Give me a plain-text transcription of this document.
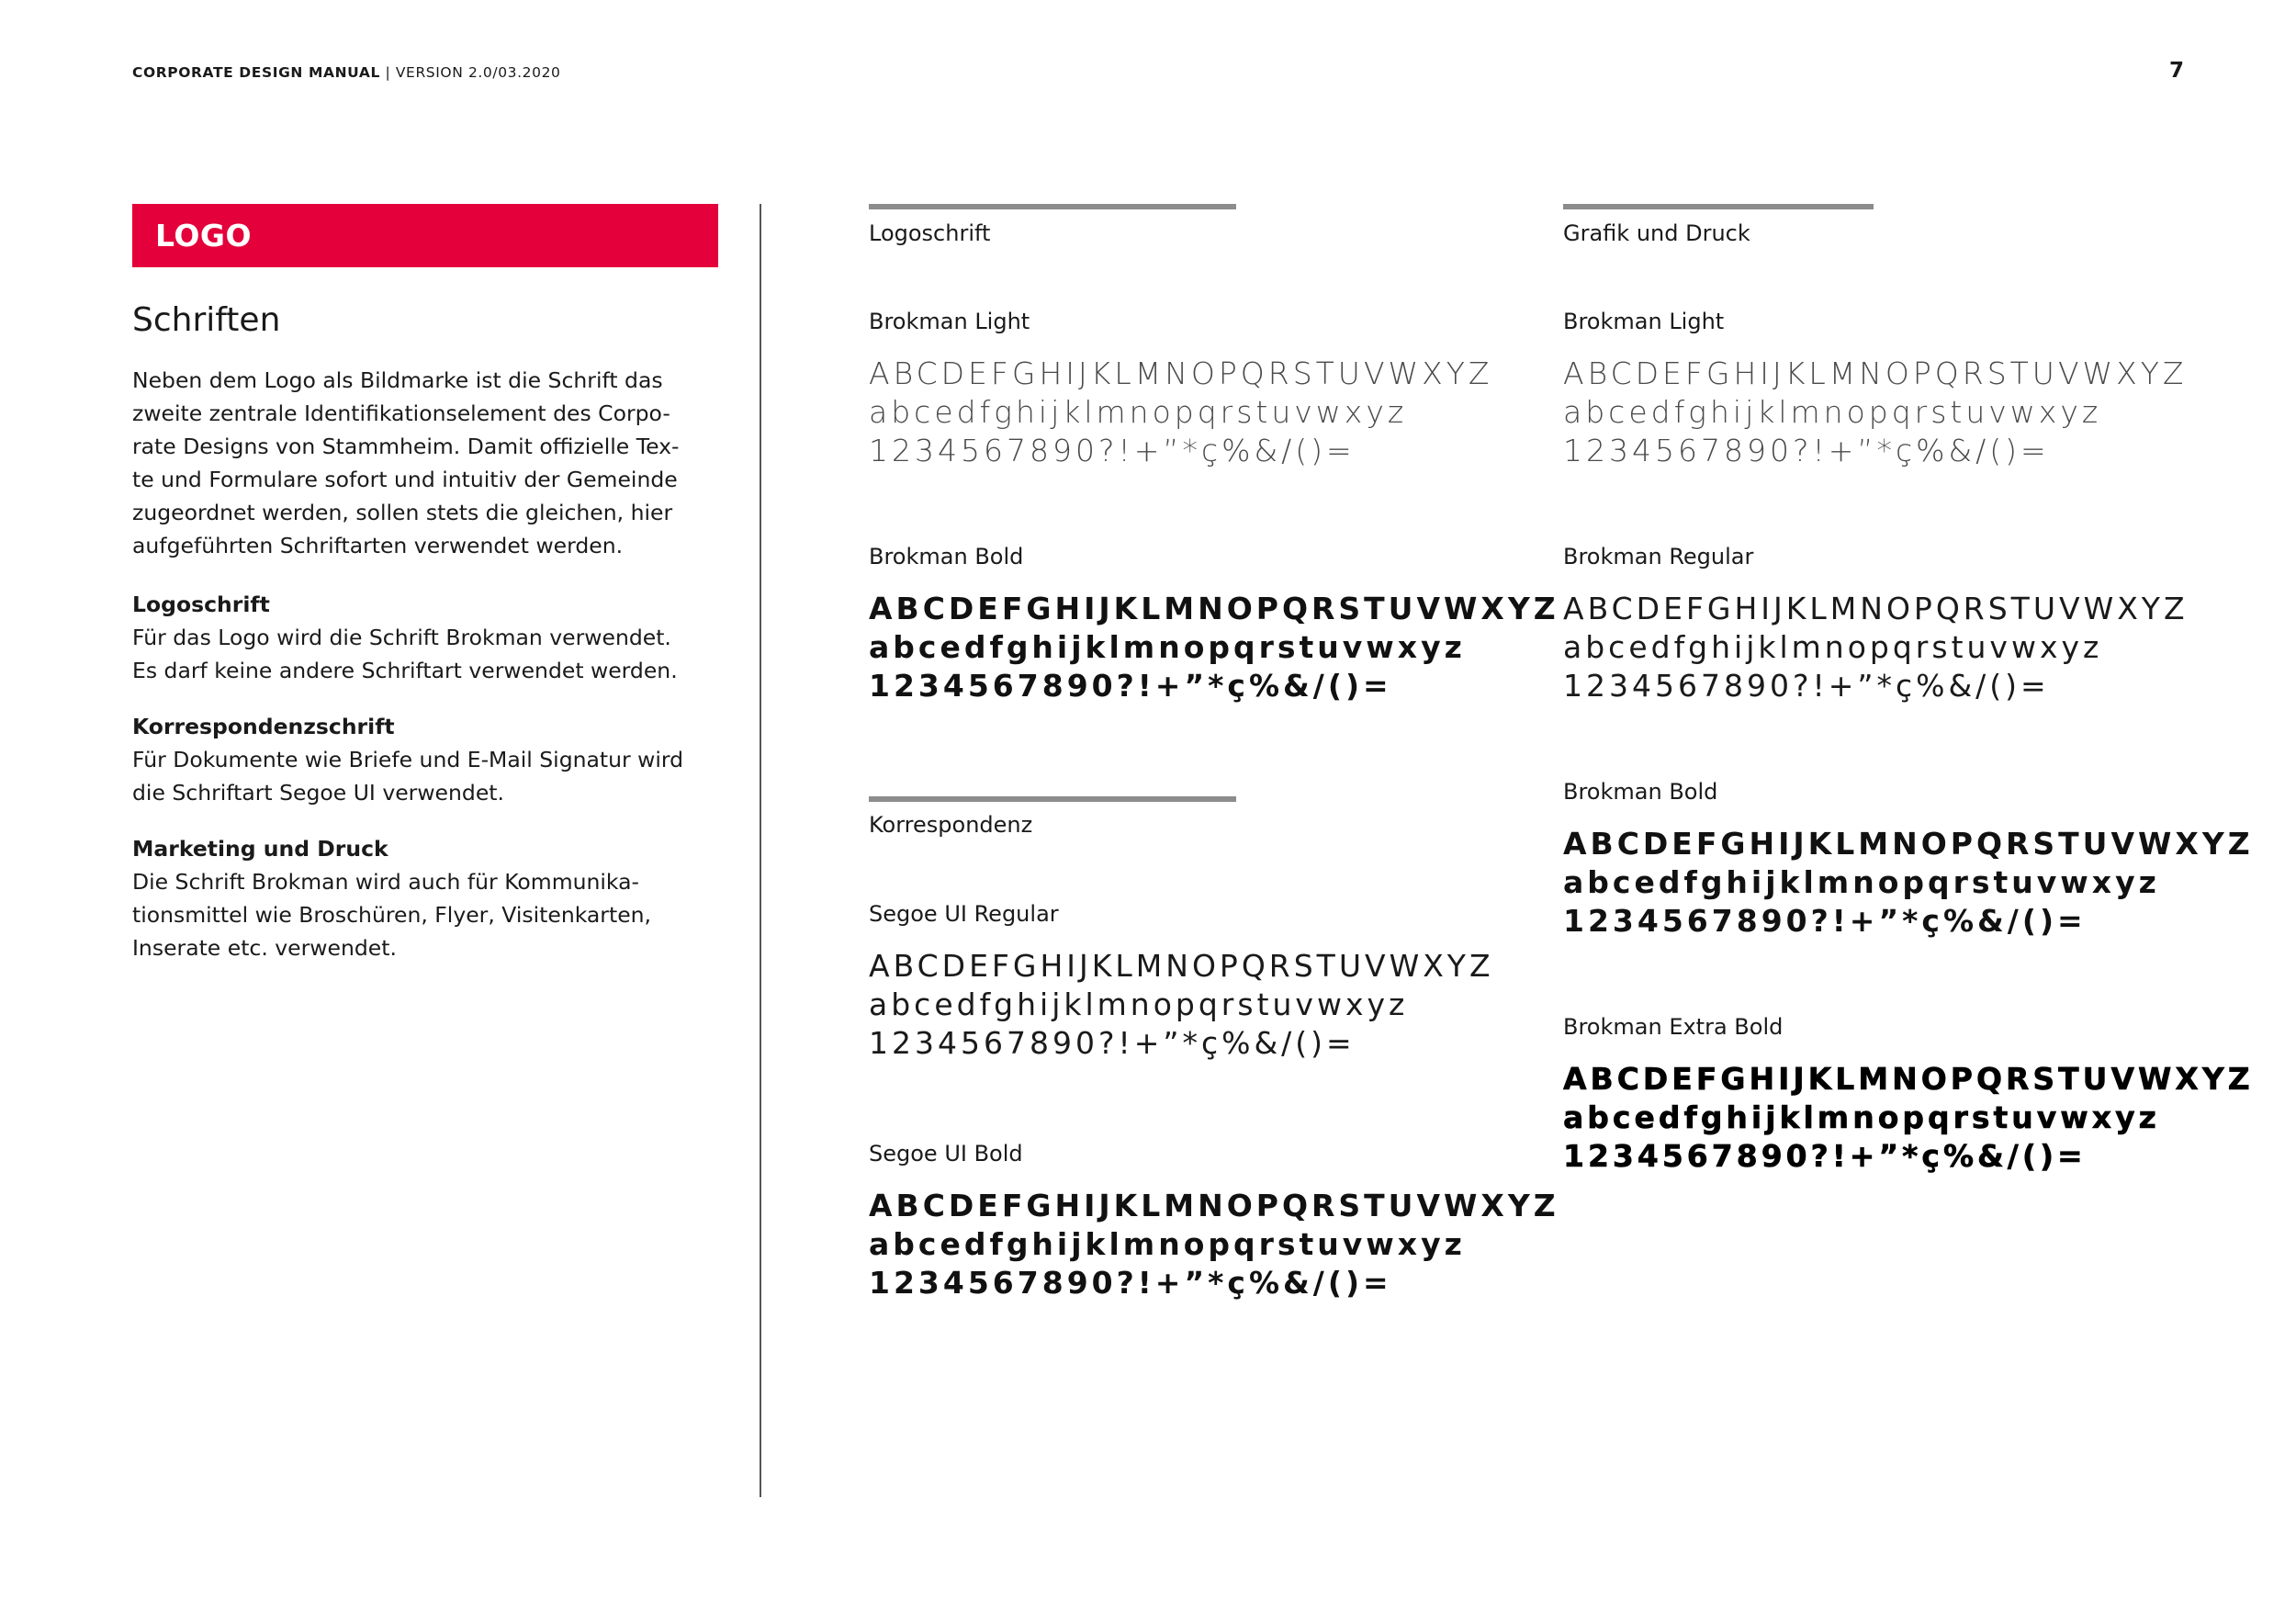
CORPORATE DESIGN MANUAL | VERSION 2.0/03.2020	7
LOGO
Schriften
Neben dem Logo als Bildmarke ist die Schrift das
zweite zentrale Identifikationselement des Corpo-
rate Designs von Stammheim. Damit offizielle Tex-
te und Formulare sofort und intuitiv der Gemeinde
zugeordnet werden, sollen stets die gleichen, hier
aufgeführten Schriftarten verwendet werden.
Logoschrift
Für das Logo wird die Schrift Brokman verwendet.
Es darf keine andere Schriftart verwendet werden.
Korrespondenzschrift
Für Dokumente wie Briefe und E-Mail Signatur wird
die Schriftart Segoe UI verwendet.
Marketing und Druck
Die Schrift Brokman wird auch für Kommunika-
tionsmittel wie Broschüren, Flyer, Visitenkarten,
Inserate etc. verwendet.
Logoschrift
Brokman Light
ABCDEFGHIJKLMNOPQRSTUVWXYZ
abcedfghijklmnopqrstuvwxyz
1234567890?!+”*ç%&/()=
Brokman Bold
ABCDEFGHIJKLMNOPQRSTUVWXYZ
abcedfghijklmnopqrstuvwxyz
1234567890?!+”*ç%&/()=
Korrespondenz
Segoe UI Regular
ABCDEFGHIJKLMNOPQRSTUVWXYZ
abcedfghijklmnopqrstuvwxyz
1234567890?!+”*ç%&/()=
Segoe UI Bold
ABCDEFGHIJKLMNOPQRSTUVWXYZ
abcedfghijklmnopqrstuvwxyz
1234567890?!+”*ç%&/()=
Grafik und Druck
Brokman Light
ABCDEFGHIJKLMNOPQRSTUVWXYZ
abcedfghijklmnopqrstuvwxyz
1234567890?!+”*ç%&/()=
Brokman Regular
ABCDEFGHIJKLMNOPQRSTUVWXYZ
abcedfghijklmnopqrstuvwxyz
1234567890?!+”*ç%&/()=
Brokman Bold
ABCDEFGHIJKLMNOPQRSTUVWXYZ
abcedfghijklmnopqrstuvwxyz
1234567890?!+”*ç%&/()=
Brokman Extra Bold
ABCDEFGHIJKLMNOPQRSTUVWXYZ
abcedfghijklmnopqrstuvwxyz
1234567890?!+”*ç%&/()=
